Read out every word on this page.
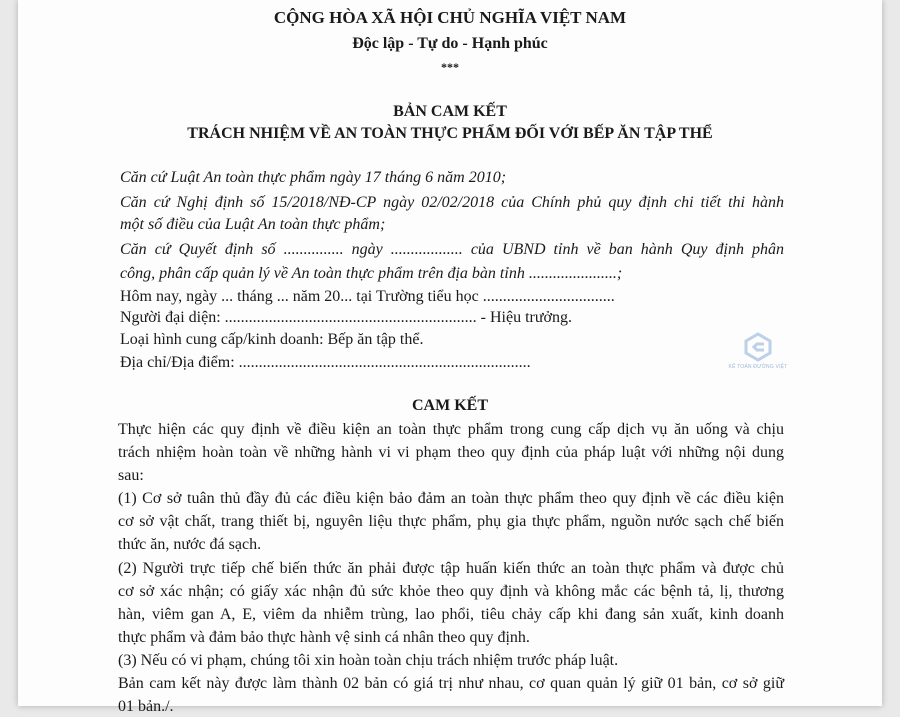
CỘNG HÒA XÃ HỘI CHỦ NGHĨA VIỆT NAM
Độc lập - Tự do - Hạnh phúc
***
BẢN CAM KẾT
TRÁCH NHIỆM VỀ AN TOÀN THỰC PHẨM ĐỐI VỚI BẾP ĂN TẬP THỂ
Căn cứ Luật An toàn thực phẩm ngày 17 tháng 6 năm 2010;
Căn cứ Nghị định số 15/2018/NĐ-CP ngày 02/02/2018 của Chính phủ quy định chi tiết thi hành
một số điều của Luật An toàn thực phẩm;
Căn cứ Quyết định số ............... ngày .................. của UBND tỉnh về ban hành Quy định phân
công, phân cấp quản lý về An toàn thực phẩm trên địa bàn tỉnh ......................;
Hôm nay, ngày ... tháng ... năm 20... tại Trường tiểu học .................................
Người đại diện: ............................................................... - Hiệu trưởng.
Loại hình cung cấp/kinh doanh: Bếp ăn tập thể.
Địa chỉ/Địa điểm: .........................................................................
CAM KẾT
Thực hiện các quy định về điều kiện an toàn thực phẩm trong cung cấp dịch vụ ăn uống và chịu
trách nhiệm hoàn toàn về những hành vi vi phạm theo quy định của pháp luật với những nội dung
sau:
(1) Cơ sở tuân thủ đầy đủ các điều kiện bảo đảm an toàn thực phẩm theo quy định về các điều kiện
cơ sở vật chất, trang thiết bị, nguyên liệu thực phẩm, phụ gia thực phẩm, nguồn nước sạch chế biến
thức ăn, nước đá sạch.
(2) Người trực tiếp chế biến thức ăn phải được tập huấn kiến thức an toàn thực phẩm và được chủ
cơ sở xác nhận; có giấy xác nhận đủ sức khỏe theo quy định và không mắc các bệnh tả, lị, thương
hàn, viêm gan A, E, viêm da nhiễm trùng, lao phổi, tiêu chảy cấp khi đang sản xuất, kinh doanh
thực phẩm và đảm bảo thực hành vệ sinh cá nhân theo quy định.
(3) Nếu có vi phạm, chúng tôi xin hoàn toàn chịu trách nhiệm trước pháp luật.
Bản cam kết này được làm thành 02 bản có giá trị như nhau, cơ quan quản lý giữ 01 bản, cơ sở giữ
01 bản./.
KẾ TOÁN ĐƯỜNG VIỆT
